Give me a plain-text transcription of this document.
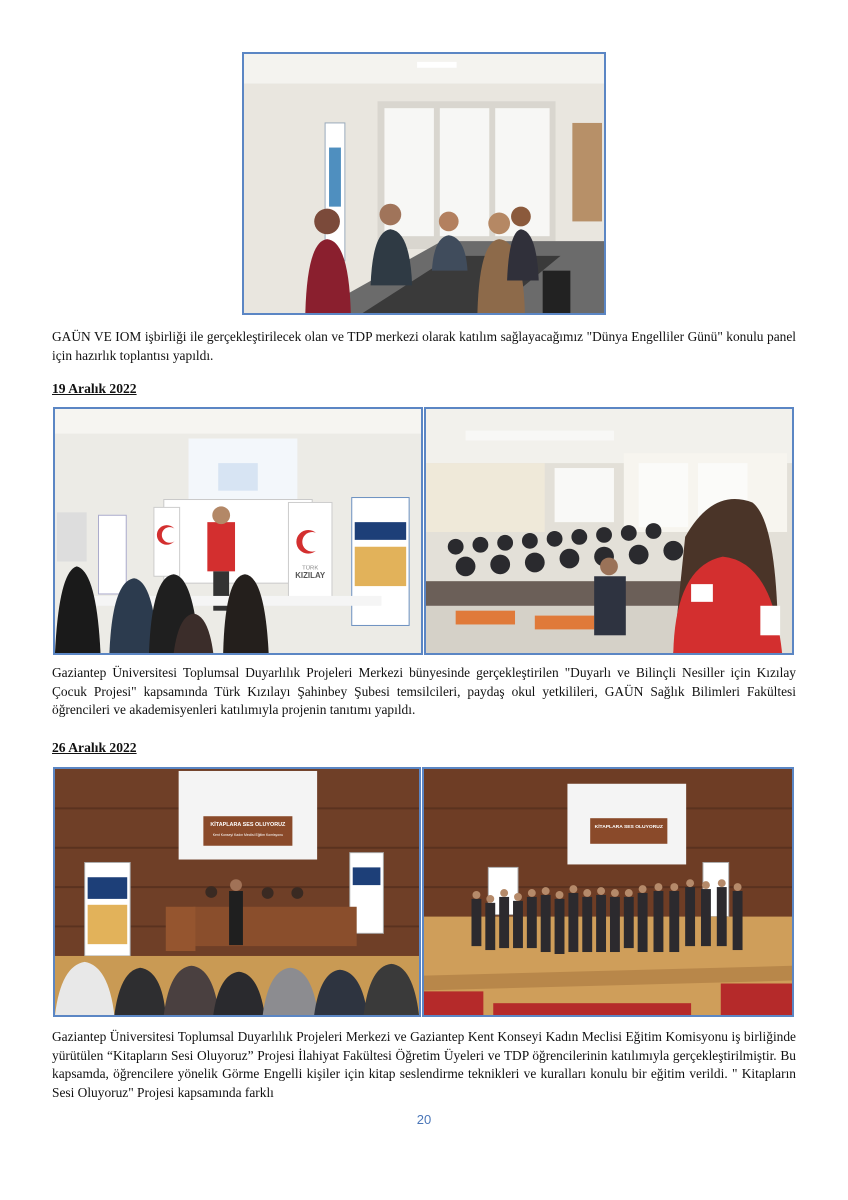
GAÜN VE IOM işbirliği ile gerçekleştirilecek olan ve TDP merkezi olarak katılım sağlayacağımız "Dünya Engelliler Günü" konulu panel için hazırlık toplantısı yapıldı.

19 Aralık 2022

TÜRK
KIZILAY

Gaziantep Üniversitesi Toplumsal Duyarlılık Projeleri Merkezi bünyesinde gerçekleştirilen "Duyarlı ve Bilinçli Nesiller için Kızılay Çocuk Projesi" kapsamında Türk Kızılayı Şahinbey Şubesi temsilcileri, paydaş okul yetkilileri, GAÜN Sağlık Bilimleri Fakültesi öğrencileri ve akademisyenleri katılımıyla projenin tanıtımı yapıldı.

26 Aralık 2022

KİTAPLARA SES OLUYORUZ
Kent Konseyi Kadın Meclisi Eğitim Komisyonu
KİTAPLARA SES OLUYORUZ

Gaziantep Üniversitesi Toplumsal Duyarlılık Projeleri Merkezi ve Gaziantep Kent Konseyi Kadın Meclisi Eğitim Komisyonu iş birliğinde yürütülen “Kitapların Sesi Oluyoruz” Projesi İlahiyat Fakültesi Öğretim Üyeleri ve TDP öğrencilerinin katılımıyla gerçekleştirilmiştir. Bu kapsamda, öğrencilere yönelik Görme Engelli kişiler için kitap seslendirme teknikleri ve kuralları konulu bir eğitim verildi. " Kitapların Sesi Oluyoruz" Projesi kapsamında farklı

20
